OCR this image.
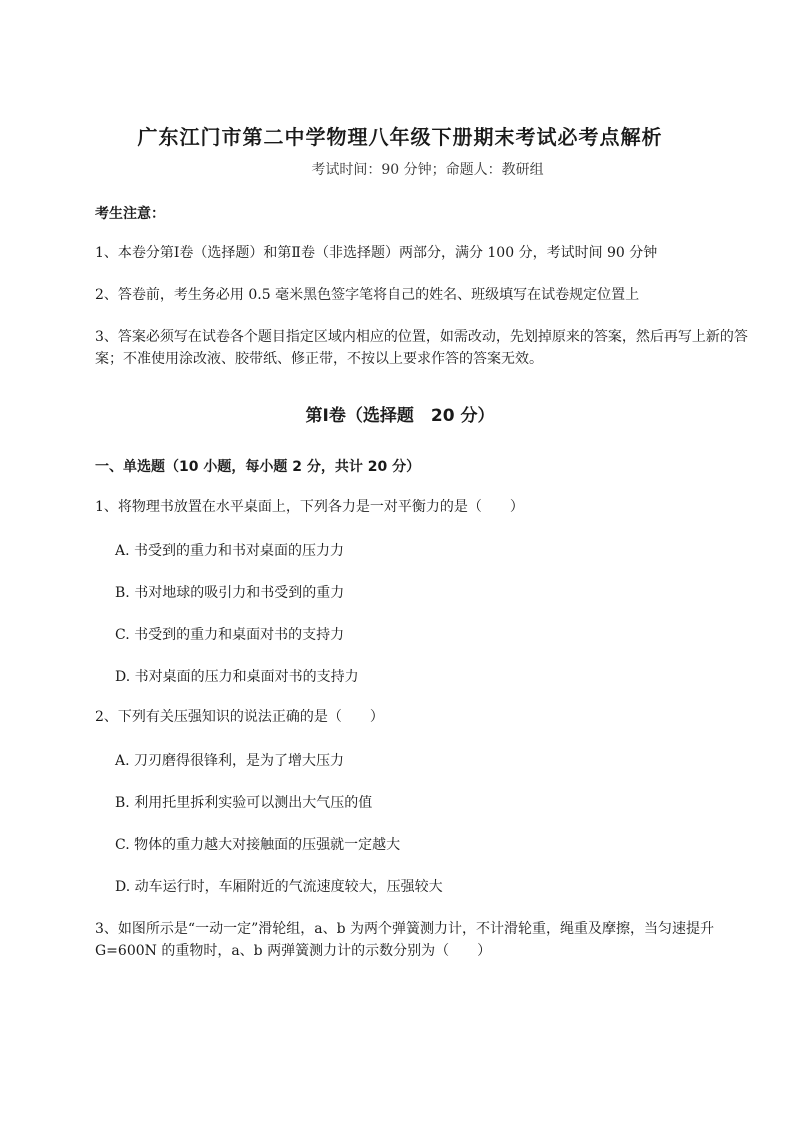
广东江门市第二中学物理八年级下册期末考试必考点解析
考试时间：90 分钟；命题人：教研组
考生注意：
1、本卷分第Ⅰ卷（选择题）和第Ⅱ卷（非选择题）两部分，满分 100 分，考试时间 90 分钟
2、答卷前，考生务必用 0.5 毫米黑色签字笔将自己的姓名、班级填写在试卷规定位置上
3、答案必须写在试卷各个题目指定区域内相应的位置，如需改动，先划掉原来的答案，然后再写上新的答案；不准使用涂改液、胶带纸、修正带，不按以上要求作答的答案无效。
第Ⅰ卷（选择题　20 分）
一、单选题（10 小题，每小题 2 分，共计 20 分）
1、将物理书放置在水平桌面上，下列各力是一对平衡力的是（　　）
A. 书受到的重力和书对桌面的压力力
B. 书对地球的吸引力和书受到的重力
C. 书受到的重力和桌面对书的支持力
D. 书对桌面的压力和桌面对书的支持力
2、下列有关压强知识的说法正确的是（　　）
A. 刀刃磨得很锋利，是为了增大压力
B. 利用托里拆利实验可以测出大气压的值
C. 物体的重力越大对接触面的压强就一定越大
D. 动车运行时，车厢附近的气流速度较大，压强较大
3、如图所示是“一动一定”滑轮组，a、b 为两个弹簧测力计，不计滑轮重，绳重及摩擦，当匀速提升 G=600N 的重物时，a、b 两弹簧测力计的示数分别为（　　）
